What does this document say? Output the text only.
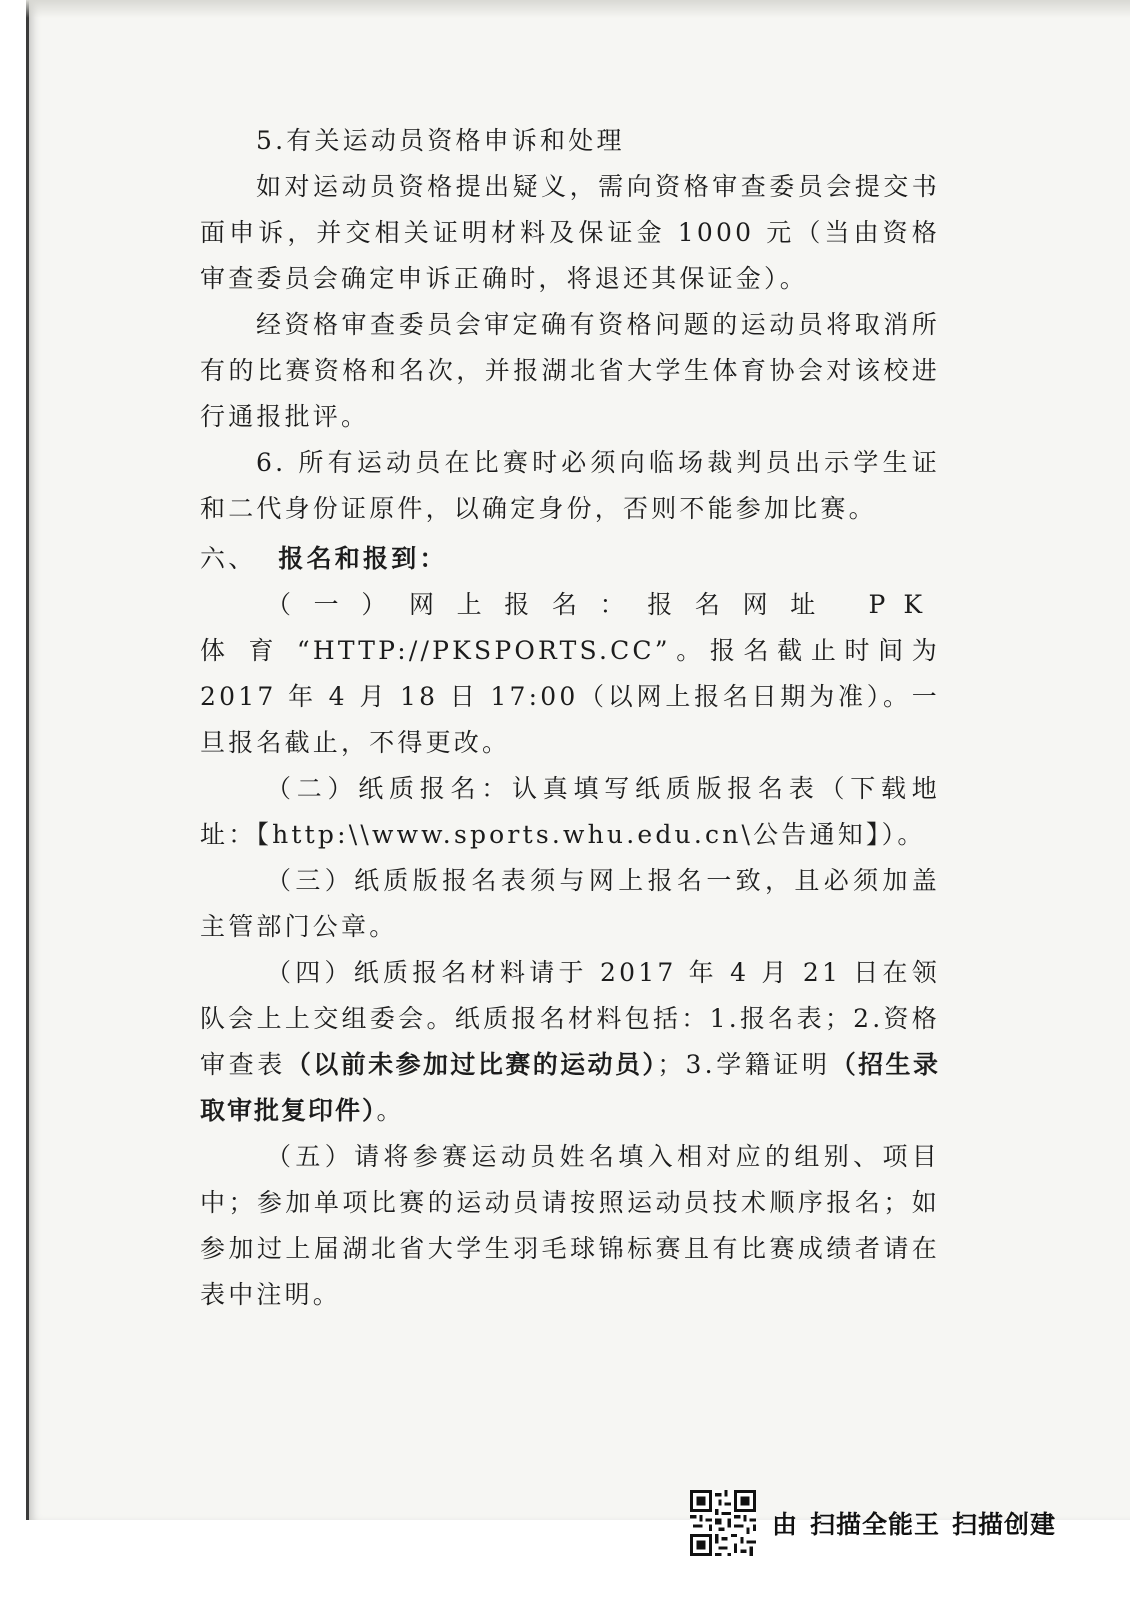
5.有关运动员资格申诉和处理

如对运动员资格提出疑义，需向资格审查委员会提交书面申诉，并交相关证明材料及保证金 1000 元（当由资格审查委员会确定申诉正确时，将退还其保证金）。

经资格审查委员会审定确有资格问题的运动员将取消所有的比赛资格和名次，并报湖北省大学生体育协会对该校进行通报批评。

6. 所有运动员在比赛时必须向临场裁判员出示学生证和二代身份证原件，以确定身份，否则不能参加比赛。

六、 报名和报到：

（一）网上报名：报名网址 PK 体育“HTTP://PKSPORTS.CC”。报名截止时间为 2017 年 4 月 18 日 17:00（以网上报名日期为准）。一旦报名截止，不得更改。

（二）纸质报名：认真填写纸质版报名表（下载地址：【http:\\www.sports.whu.edu.cn\公告通知】）。

（三）纸质版报名表须与网上报名一致，且必须加盖主管部门公章。

（四）纸质报名材料请于 2017 年 4 月 21 日在领队会上上交组委会。纸质报名材料包括：1.报名表；2.资格审查表（以前未参加过比赛的运动员）；3.学籍证明（招生录取审批复印件）。

（五）请将参赛运动员姓名填入相对应的组别、项目中；参加单项比赛的运动员请按照运动员技术顺序报名；如参加过上届湖北省大学生羽毛球锦标赛且有比赛成绩者请在表中注明。

由 扫描全能王 扫描创建
